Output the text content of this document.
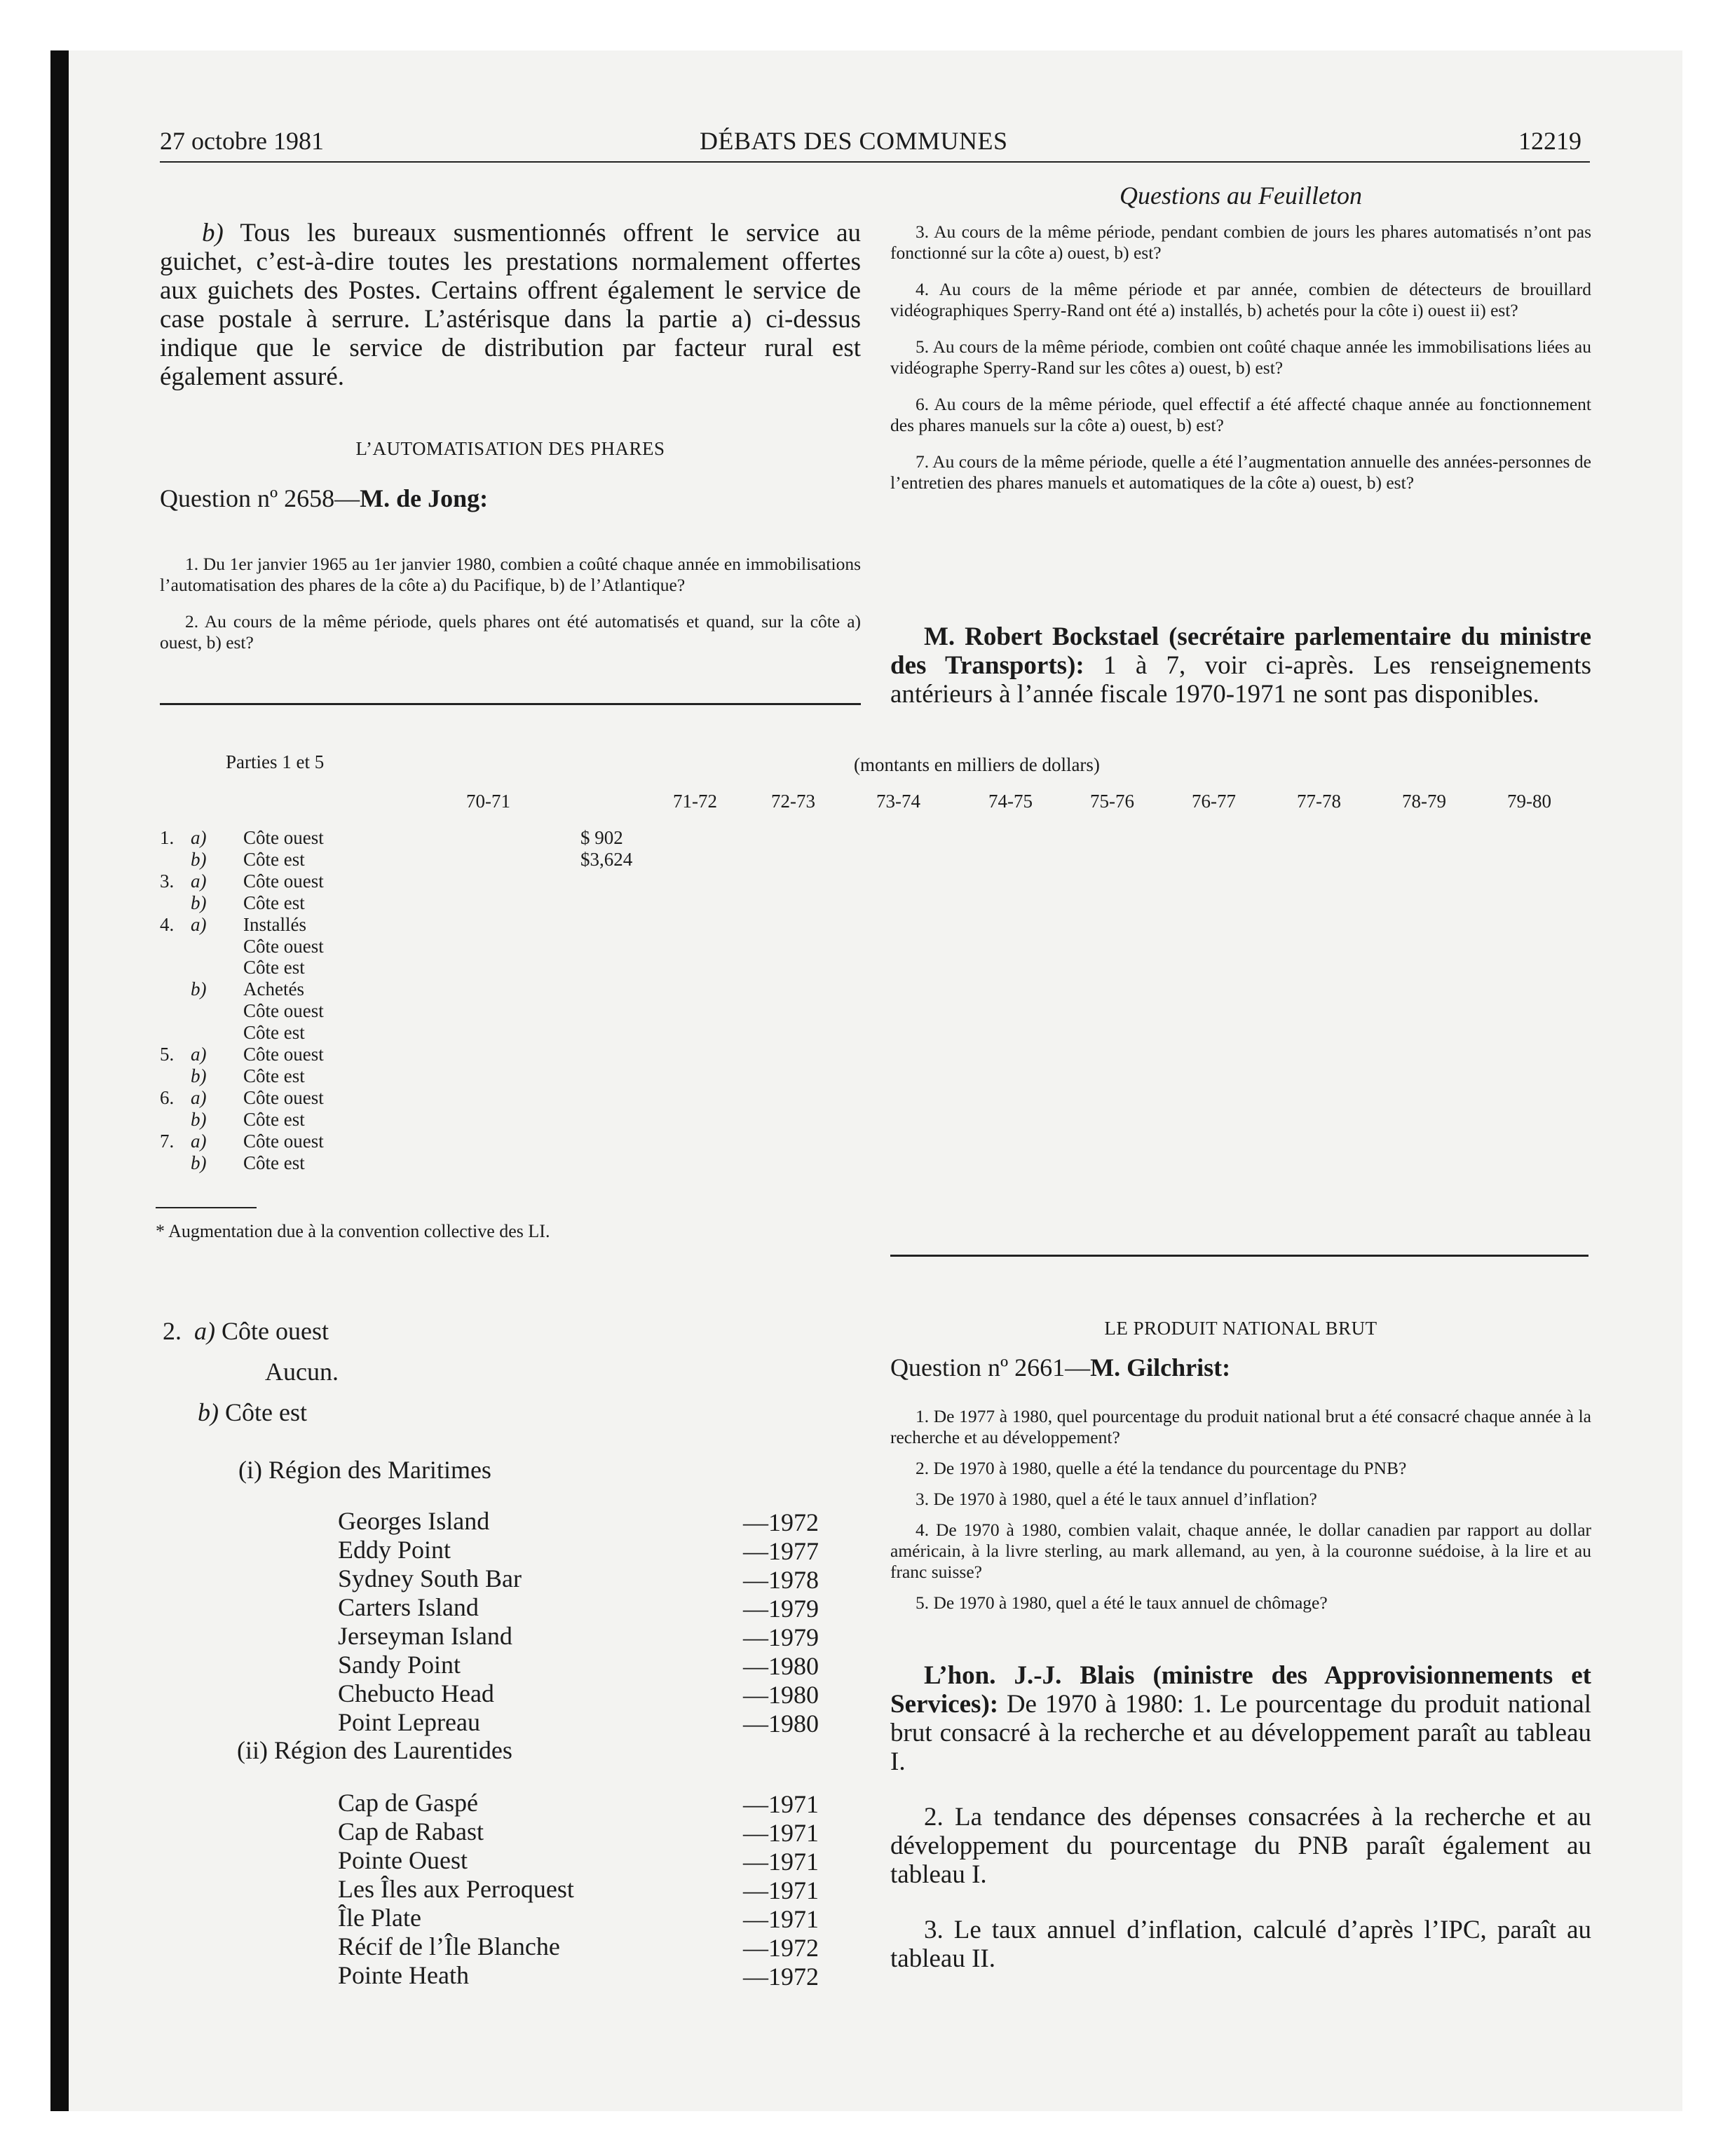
27 octobre 1981	DÉBATS DES COMMUNES	12219

b) Tous les bureaux susmentionnés offrent le service au guichet, c’est-à-dire toutes les prestations normalement offertes aux guichets des Postes. Certains offrent également le service de case postale à serrure. L’astérisque dans la partie a) ci-dessus indique que le service de distribution par facteur rural est également assuré.

L’AUTOMATISATION DES PHARES
Question nº 2658—M. de Jong:

1. Du 1er janvier 1965 au 1er janvier 1980, combien a coûté chaque année en immobilisations l’automatisation des phares de la côte a) du Pacifique, b) de l’Atlantique?

2. Au cours de la même période, quels phares ont été automatisés et quand, sur la côte a) ouest, b) est?

Questions au Feuilleton

3. Au cours de la même période, pendant combien de jours les phares automatisés n’ont pas fonctionné sur la côte a) ouest, b) est?

4. Au cours de la même période et par année, combien de détecteurs de brouillard vidéographiques Sperry-Rand ont été a) installés, b) achetés pour la côte i) ouest ii) est?

5. Au cours de la même période, combien ont coûté chaque année les immobilisations liées au vidéographe Sperry-Rand sur les côtes a) ouest, b) est?

6. Au cours de la même période, quel effectif a été affecté chaque année au fonctionnement des phares manuels sur la côte a) ouest, b) est?

7. Au cours de la même période, quelle a été l’augmentation annuelle des années-personnes de l’entretien des phares manuels et automatiques de la côte a) ouest, b) est?

M. Robert Bockstael (secrétaire parlementaire du ministre des Transports): 1 à 7, voir ci-après. Les renseignements antérieurs à l’année fiscale 1970-1971 ne sont pas disponibles.

Parties 1 et 5	(montants en milliers de dollars)
70-71	71-72	72-73	73-74	74-75	75-76	76-77	77-78	78-79	79-80
1. a) Côte ouest	$ 902
b) Côte est	$3,624
3. a) Côte ouest
b) Côte est
4. a) Installés
Côte ouest
Côte est
b) Achetés
Côte ouest
Côte est
5. a) Côte ouest
b) Côte est
6. a) Côte ouest
b) Côte est
7. a) Côte ouest
b) Côte est
* Augmentation due à la convention collective des LI.
2. a) Côte ouest
Aucun.
b) Côte est
(i) Région des Maritimes
Georges Island	—1972
Eddy Point	—1977
Sydney South Bar	—1978
Carters Island	—1979
Jerseyman Island	—1979
Sandy Point	—1980
Chebucto Head	—1980
Point Lepreau	—1980
(ii) Région des Laurentides
Cap de Gaspé	—1971
Cap de Rabast	—1971
Pointe Ouest	—1971
Les Îles aux Perroquest	—1971
Île Plate	—1971
Récif de l’Île Blanche	—1972
Pointe Heath	—1972
LE PRODUIT NATIONAL BRUT
Question nº 2661—M. Gilchrist:

1. De 1977 à 1980, quel pourcentage du produit national brut a été consacré chaque année à la recherche et au développement?

2. De 1970 à 1980, quelle a été la tendance du pourcentage du PNB?

3. De 1970 à 1980, quel a été le taux annuel d’inflation?

4. De 1970 à 1980, combien valait, chaque année, le dollar canadien par rapport au dollar américain, à la livre sterling, au mark allemand, au yen, à la couronne suédoise, à la lire et au franc suisse?

5. De 1970 à 1980, quel a été le taux annuel de chômage?

L’hon. J.-J. Blais (ministre des Approvisionnements et Services): De 1970 à 1980: 1. Le pourcentage du produit national brut consacré à la recherche et au développement paraît au tableau I.

2. La tendance des dépenses consacrées à la recherche et au développement du pourcentage du PNB paraît également au tableau I.

3. Le taux annuel d’inflation, calculé d’après l’IPC, paraît au tableau II.
